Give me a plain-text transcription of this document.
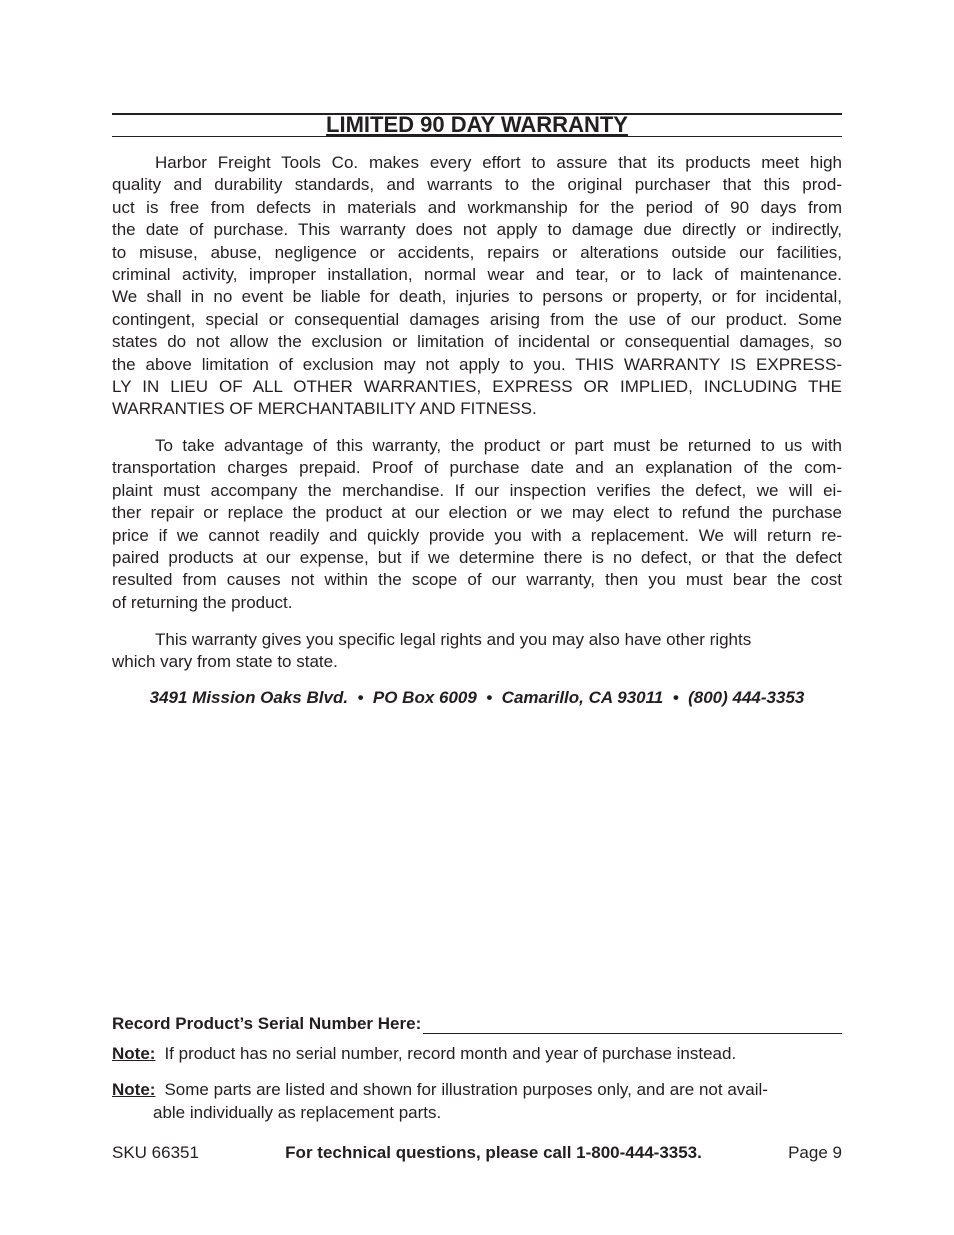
LIMITED 90 DAY WARRANTY
Harbor Freight Tools Co. makes every effort to assure that its products meet high
quality and durability standards, and warrants to the original purchaser that this prod-
uct is free from defects in materials and workmanship for the period of 90 days from
the date of purchase. This warranty does not apply to damage due directly or indirectly,
to misuse, abuse, negligence or accidents, repairs or alterations outside our facilities,
criminal activity, improper installation, normal wear and tear, or to lack of maintenance.
We shall in no event be liable for death, injuries to persons or property, or for incidental,
contingent, special or consequential damages arising from the use of our product. Some
states do not allow the exclusion or limitation of incidental or consequential damages, so
the above limitation of exclusion may not apply to you. THIS WARRANTY IS EXPRESS-
LY IN LIEU OF ALL OTHER WARRANTIES, EXPRESS OR IMPLIED, INCLUDING THE
WARRANTIES OF MERCHANTABILITY AND FITNESS.
To take advantage of this warranty, the product or part must be returned to us with
transportation charges prepaid. Proof of purchase date and an explanation of the com-
plaint must accompany the merchandise. If our inspection verifies the defect, we will ei-
ther repair or replace the product at our election or we may elect to refund the purchase
price if we cannot readily and quickly provide you with a replacement. We will return re-
paired products at our expense, but if we determine there is no defect, or that the defect
resulted from causes not within the scope of our warranty, then you must bear the cost
of returning the product.
This warranty gives you specific legal rights and you may also have other rights
which vary from state to state.
3491 Mission Oaks Blvd.  •  PO Box 6009  •  Camarillo, CA 93011  •  (800) 444-3353
Record Product’s Serial Number Here:
Note: If product has no serial number, record month and year of purchase instead.
Note: Some parts are listed and shown for illustration purposes only, and are not avail-
able individually as replacement parts.
SKU 66351	For technical questions, please call 1-800-444-3353.	Page 9
